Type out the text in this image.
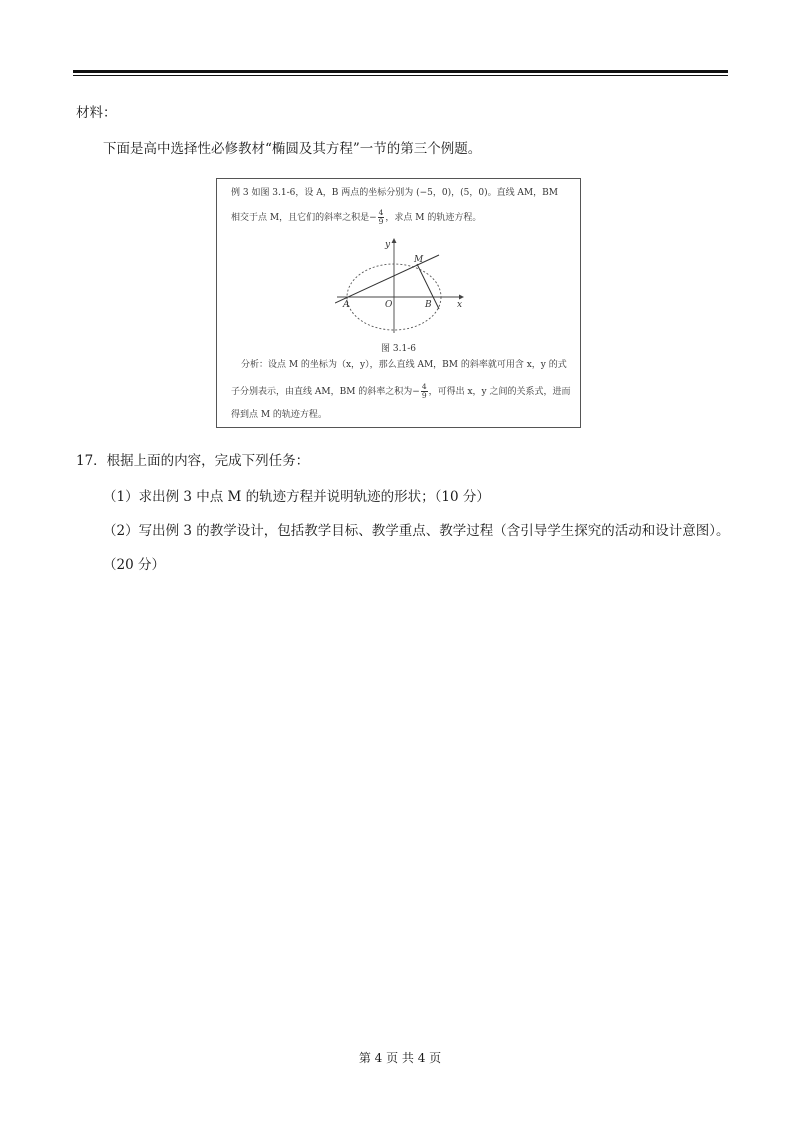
材料：
下面是高中选择性必修教材“椭圆及其方程”一节的第三个例题。
例 3 如图 3.1-6，设 A，B 两点的坐标分别为 (−5，0)，(5，0)。直线 AM，BM
相交于点 M，且它们的斜率之积是− $\frac{4}{9}$ ，求点 M 的轨迹方程。
y
x
M
O
A	B
图 3.1-6
分析：设点 M 的坐标为（x，y），那么直线 AM，BM 的斜率就可用含 x，y 的式
子分别表示，由直线 AM，BM 的斜率之积为− $\frac{4}{9}$ ，可得出 x，y 之间的关系式，进而
得到点 M 的轨迹方程。
17．根据上面的内容，完成下列任务：
（1）求出例 3 中点 M 的轨迹方程并说明轨迹的形状；（10 分）
（2）写出例 3 的教学设计，包括教学目标、教学重点、教学过程（含引导学生探究的活动和设计意图）。
（20 分）
第 4 页 共 4 页
